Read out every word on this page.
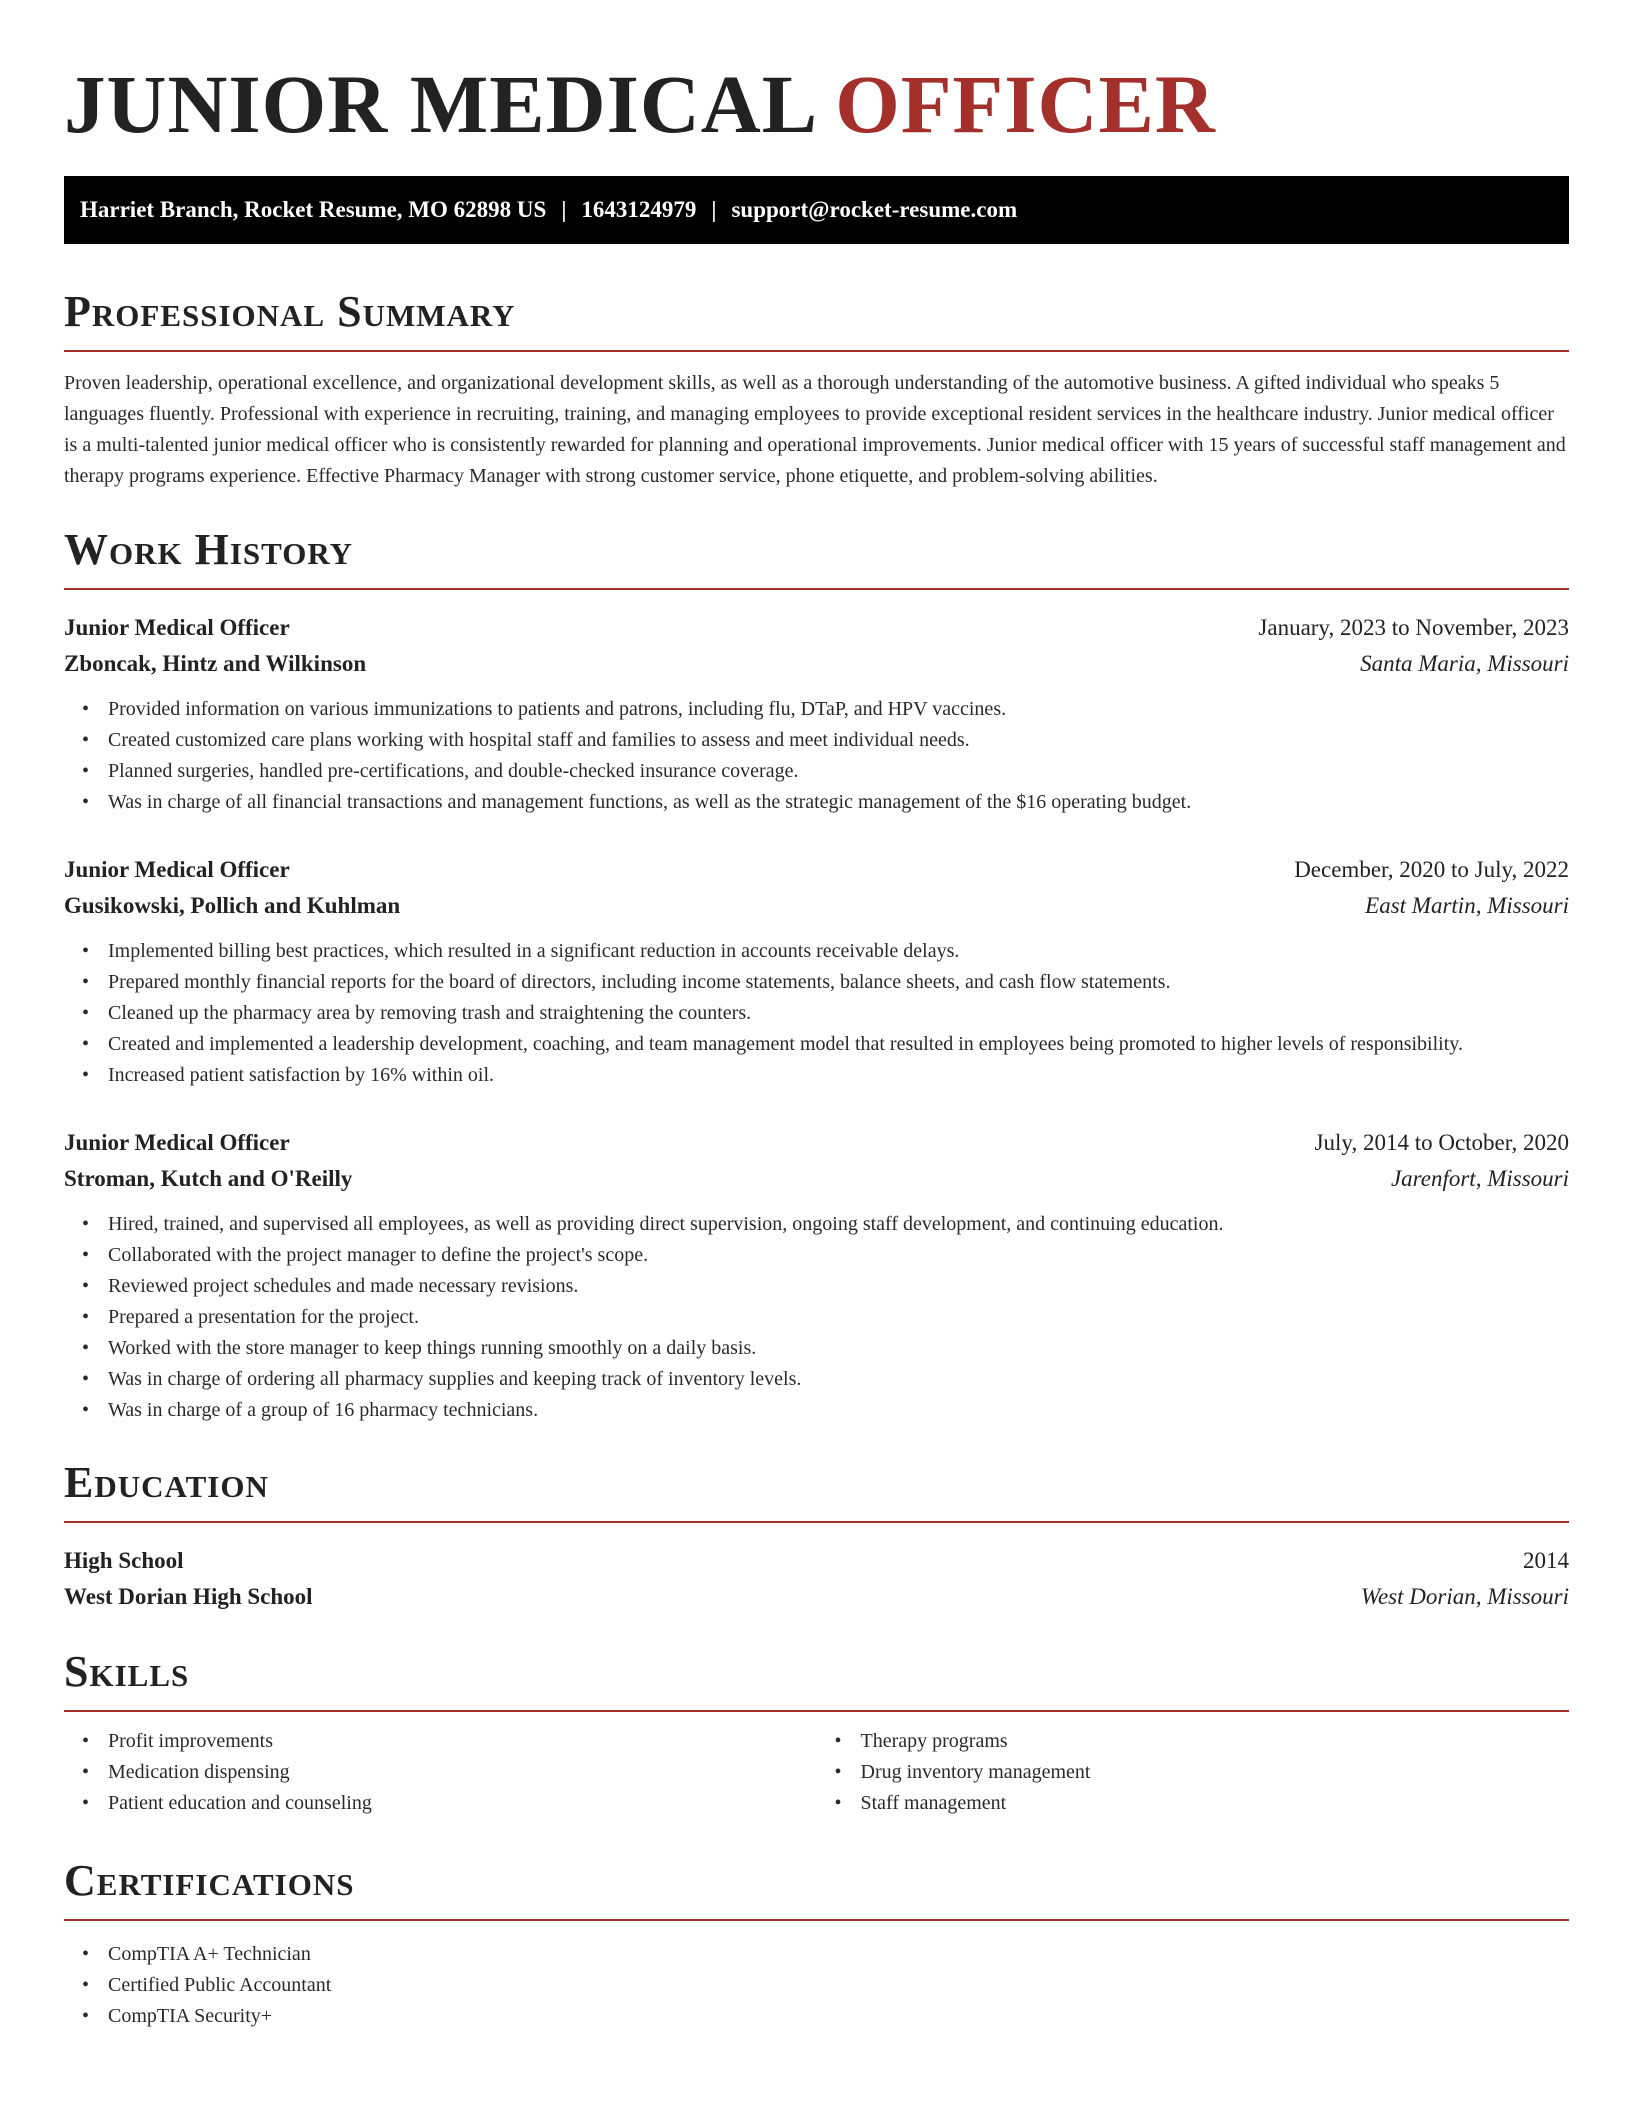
JUNIOR MEDICAL OFFICER
Harriet Branch, Rocket Resume, MO 62898 US | 1643124979 | support@rocket-resume.com
Professional Summary
Proven leadership, operational excellence, and organizational development skills, as well as a thorough understanding of the automotive business. A gifted individual who speaks 5 languages fluently. Professional with experience in recruiting, training, and managing employees to provide exceptional resident services in the healthcare industry. Junior medical officer is a multi-talented junior medical officer who is consistently rewarded for planning and operational improvements. Junior medical officer with 15 years of successful staff management and therapy programs experience. Effective Pharmacy Manager with strong customer service, phone etiquette, and problem-solving abilities.
Work History
Junior Medical Officer	January, 2023 to November, 2023
Zboncak, Hintz and Wilkinson	Santa Maria, Missouri
• Provided information on various immunizations to patients and patrons, including flu, DTaP, and HPV vaccines.
• Created customized care plans working with hospital staff and families to assess and meet individual needs.
• Planned surgeries, handled pre-certifications, and double-checked insurance coverage.
• Was in charge of all financial transactions and management functions, as well as the strategic management of the $16 operating budget.
Junior Medical Officer	December, 2020 to July, 2022
Gusikowski, Pollich and Kuhlman	East Martin, Missouri
• Implemented billing best practices, which resulted in a significant reduction in accounts receivable delays.
• Prepared monthly financial reports for the board of directors, including income statements, balance sheets, and cash flow statements.
• Cleaned up the pharmacy area by removing trash and straightening the counters.
• Created and implemented a leadership development, coaching, and team management model that resulted in employees being promoted to higher levels of responsibility.
• Increased patient satisfaction by 16% within oil.
Junior Medical Officer	July, 2014 to October, 2020
Stroman, Kutch and O'Reilly	Jarenfort, Missouri
• Hired, trained, and supervised all employees, as well as providing direct supervision, ongoing staff development, and continuing education.
• Collaborated with the project manager to define the project's scope.
• Reviewed project schedules and made necessary revisions.
• Prepared a presentation for the project.
• Worked with the store manager to keep things running smoothly on a daily basis.
• Was in charge of ordering all pharmacy supplies and keeping track of inventory levels.
• Was in charge of a group of 16 pharmacy technicians.
Education
High School	2014
West Dorian High School	West Dorian, Missouri
Skills
• Profit improvements
• Medication dispensing
• Patient education and counseling
• Therapy programs
• Drug inventory management
• Staff management
Certifications
• CompTIA A+ Technician
• Certified Public Accountant
• CompTIA Security+
